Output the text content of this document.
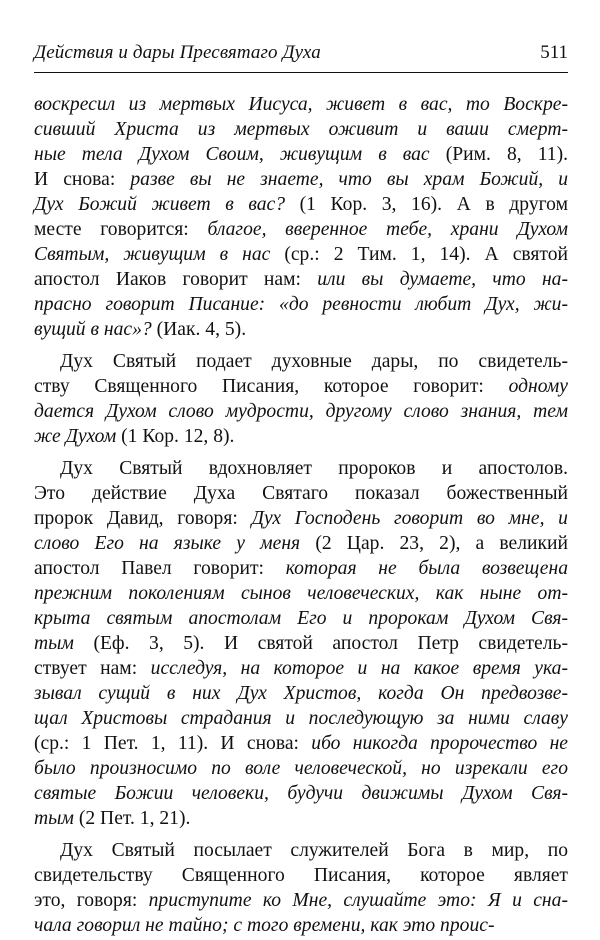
Действия и дары Пресвятаго Духа	511
воскресил из мертвых Иисуса, живет в вас, то Воскре-
сивший Христа из мертвых оживит и ваши смерт-
ные тела Духом Своим, живущим в вас (Рим. 8, 11).
И снова: разве вы не знаете, что вы храм Божий, и
Дух Божий живет в вас? (1 Кор. 3, 16). А в другом
месте говорится: благое, вверенное тебе, храни Духом
Святым, живущим в нас (ср.: 2 Тим. 1, 14). А святой
апостол Иаков говорит нам: или вы думаете, что на-
прасно говорит Писание: «до ревности любит Дух, жи-
вущий в нас»? (Иак. 4, 5).
Дух Святый подает духовные дары, по свидетель-
ству Священного Писания, которое говорит: одному
дается Духом слово мудрости, другому слово знания, тем
же Духом (1 Кор. 12, 8).
Дух Святый вдохновляет пророков и апостолов.
Это действие Духа Святаго показал божественный
пророк Давид, говоря: Дух Господень говорит во мне, и
слово Его на языке у меня (2 Цар. 23, 2), а великий
апостол Павел говорит: которая не была возвещена
прежним поколениям сынов человеческих, как ныне от-
крыта святым апостолам Его и пророкам Духом Свя-
тым (Еф. 3, 5). И святой апостол Петр свидетель-
ствует нам: исследуя, на которое и на какое время ука-
зывал сущий в них Дух Христов, когда Он предвозве-
щал Христовы страдания и последующую за ними славу
(ср.: 1 Пет. 1, 11). И снова: ибо никогда пророчество не
было произносимо по воле человеческой, но изрекали его
святые Божии человеки, будучи движимы Духом Свя-
тым (2 Пет. 1, 21).
Дух Святый посылает служителей Бога в мир, по
свидетельству Священного Писания, которое являет
это, говоря: приступите ко Мне, слушайте это: Я и сна-
чала говорил не тайно; с того времени, как это проис-
